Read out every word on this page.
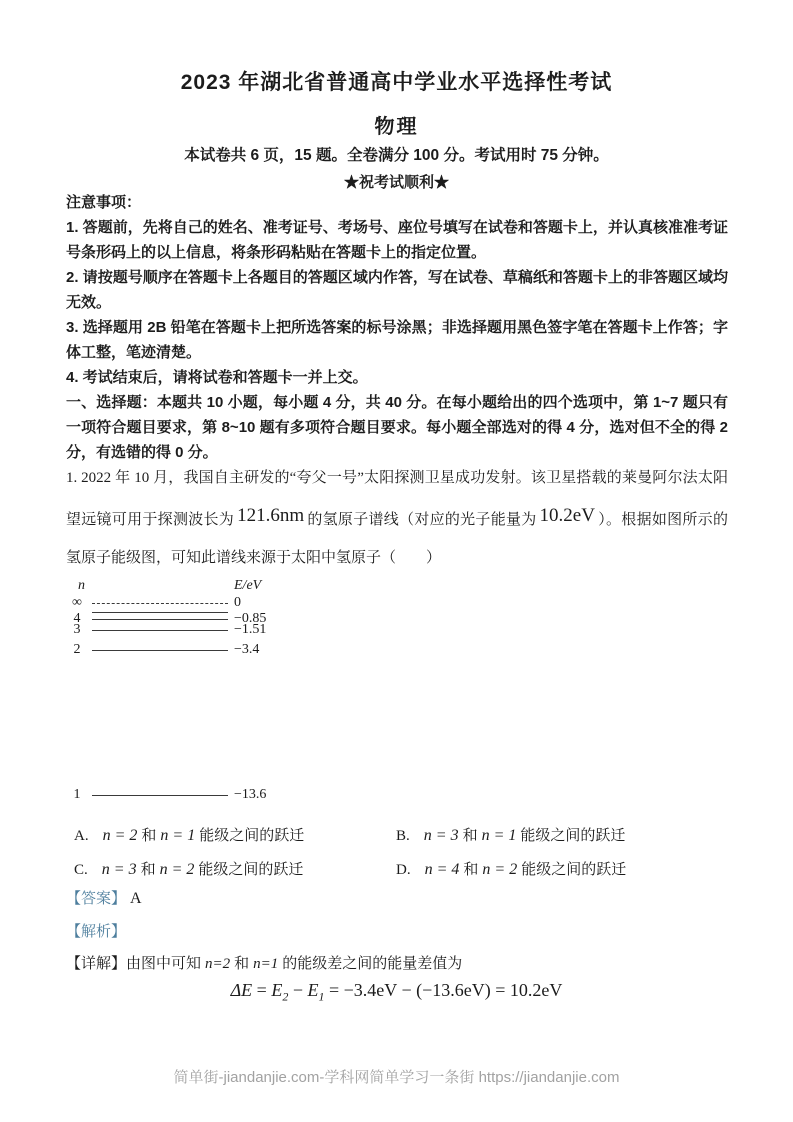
2023 年湖北省普通高中学业水平选择性考试
物理
本试卷共 6 页，15 题。全卷满分 100 分。考试用时 75 分钟。
★祝考试顺利★

注意事项：

1. 答题前，先将自己的姓名、准考证号、考场号、座位号填写在试卷和答题卡上，并认真核准准考证号条形码上的以上信息，将条形码粘贴在答题卡上的指定位置。

2. 请按题号顺序在答题卡上各题目的答题区域内作答，写在试卷、草稿纸和答题卡上的非答题区域均无效。

3. 选择题用 2B 铅笔在答题卡上把所选答案的标号涂黑；非选择题用黑色签字笔在答题卡上作答；字体工整，笔迹清楚。

4. 考试结束后，请将试卷和答题卡一并上交。

一、选择题：本题共 10 小题，每小题 4 分，共 40 分。在每小题给出的四个选项中，第 1~7 题只有一项符合题目要求，第 8~10 题有多项符合题目要求。每小题全部选对的得 4 分，选对但不全的得 2 分，有选错的得 0 分。

1. 2022 年 10 月，我国自主研发的“夸父一号”太阳探测卫星成功发射。该卫星搭载的莱曼阿尔法太阳望远镜可用于探测波长为 121.6nm 的氢原子谱线（对应的光子能量为 10.2eV ）。根据如图所示的氢原子能级图，可知此谱线来源于太阳中氢原子（　　）
n	E/eV
∞	0
4	−0.85
3	−1.51
2	−3.4
1	−13.6
A. n = 2 和 n = 1 能级之间的跃迁	B. n = 3 和 n = 1 能级之间的跃迁
C. n = 3 和 n = 2 能级之间的跃迁	D. n = 4 和 n = 2 能级之间的跃迁
【答案】 A
【解析】
【详解】由图中可知 n=2 和 n=1 的能级差之间的能量差值为
$\Delta E = E_2 - E_1 = -3.4eV - (-13.6eV) = 10.2eV$
简单街-jiandanjie.com-学科网简单学习一条街 https://jiandanjie.com
